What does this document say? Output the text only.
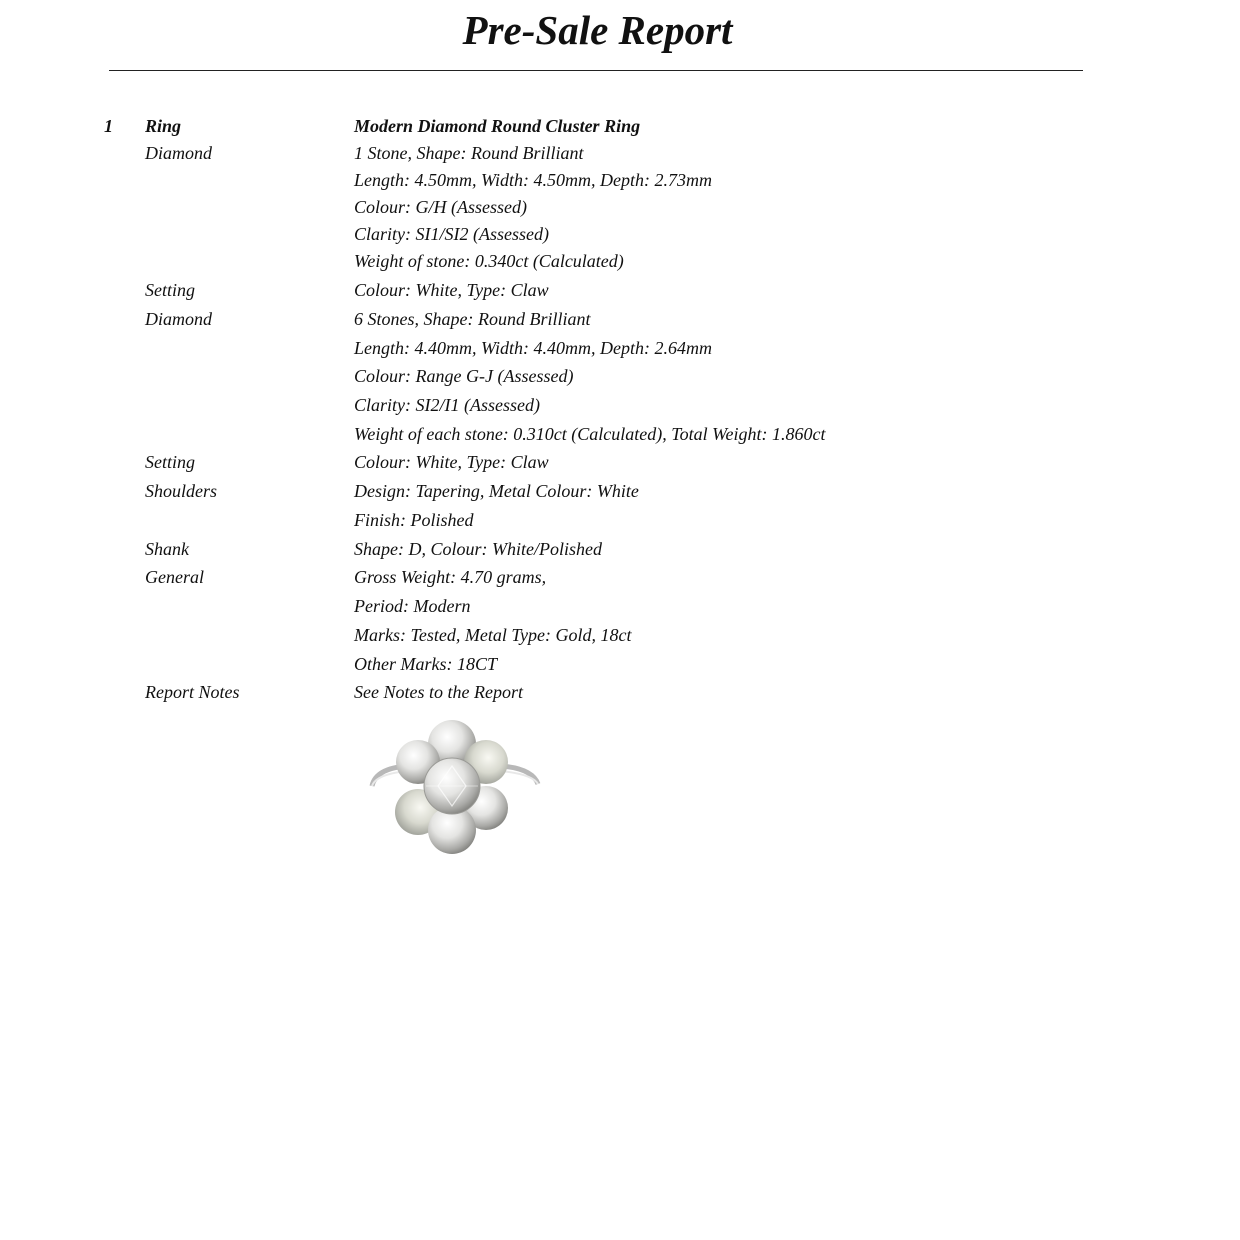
Pre-Sale Report
1 Ring	Modern Diamond Round Cluster Ring
Diamond	1 Stone, Shape: Round Brilliant
Length: 4.50mm, Width: 4.50mm, Depth: 2.73mm
Colour: G/H (Assessed)
Clarity: SI1/SI2 (Assessed)
Weight of stone: 0.340ct (Calculated)
Setting	Colour: White, Type: Claw
Diamond	6 Stones, Shape: Round Brilliant
Length: 4.40mm, Width: 4.40mm, Depth: 2.64mm
Colour: Range G-J (Assessed)
Clarity: SI2/I1 (Assessed)
Weight of each stone: 0.310ct (Calculated), Total Weight: 1.860ct
Setting	Colour: White, Type: Claw
Shoulders	Design: Tapering, Metal Colour: White
Finish: Polished
Shank	Shape: D, Colour: White/Polished
General	Gross Weight: 4.70 grams,
Period: Modern
Marks: Tested, Metal Type: Gold, 18ct
Other Marks: 18CT
Report Notes	See Notes to the Report
